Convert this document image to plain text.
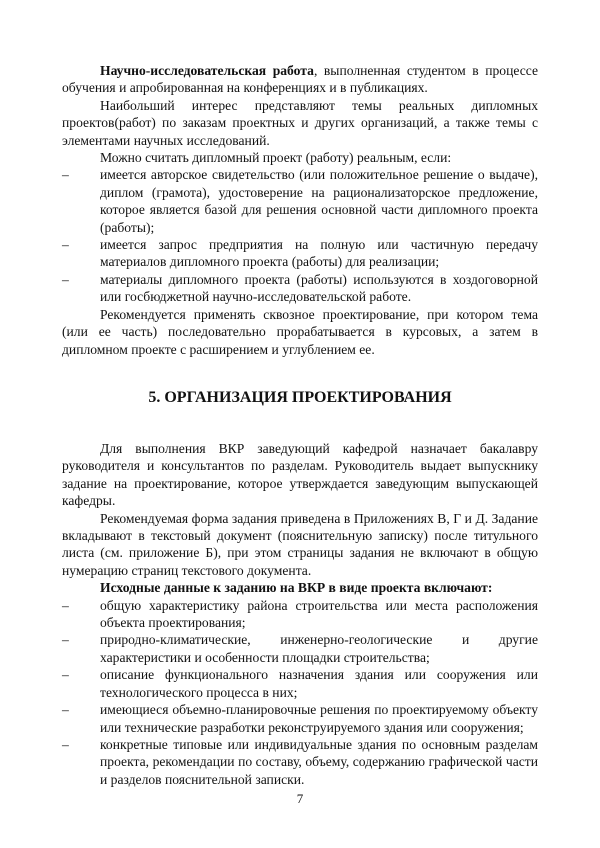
Научно-исследовательская работа, выполненная студентом в процессе обучения и апробированная на конференциях и в публикациях.

Наибольший интерес представляют темы реальных дипломных проектов(работ) по заказам проектных и других организаций, а также темы с элементами научных исследований.

Можно считать дипломный проект (работу) реальным, если:

– имеется авторское свидетельство (или положительное решение о выдаче), диплом (грамота), удостоверение на рационализаторское предложение, которое является базой для решения основной части дипломного проекта (работы);
– имеется запрос предприятия на полную или частичную передачу материалов дипломного проекта (работы) для реализации;
– материалы дипломного проекта (работы) используются в хоздоговорной или госбюджетной научно-исследовательской работе.

Рекомендуется применять сквозное проектирование, при котором тема (или ее часть) последовательно прорабатывается в курсовых, а затем в дипломном проекте с расширением и углублением ее.

5. ОРГАНИЗАЦИЯ ПРОЕКТИРОВАНИЯ

Для выполнения ВКР заведующий кафедрой назначает бакалавру руководителя и консультантов по разделам. Руководитель выдает выпускнику задание на проектирование, которое утверждается заведующим выпускающей кафедры.

Рекомендуемая форма задания приведена в Приложениях В, Г и Д. Задание вкладывают в текстовый документ (пояснительную записку) после титульного листа (см. приложение Б), при этом страницы задания не включают в общую нумерацию страниц текстового документа.

Исходные данные к заданию на ВКР в виде проекта включают:

– общую характеристику района строительства или места расположения объекта проектирования;
– природно-климатические, инженерно-геологические и другие характеристики и особенности площадки строительства;
– описание функционального назначения здания или сооружения или технологического процесса в них;
– имеющиеся объемно-планировочные решения по проектируемому объекту или технические разработки реконструируемого здания или сооружения;
– конкретные типовые или индивидуальные здания по основным разделам проекта, рекомендации по составу, объему, содержанию графической части и разделов пояснительной записки.
7
